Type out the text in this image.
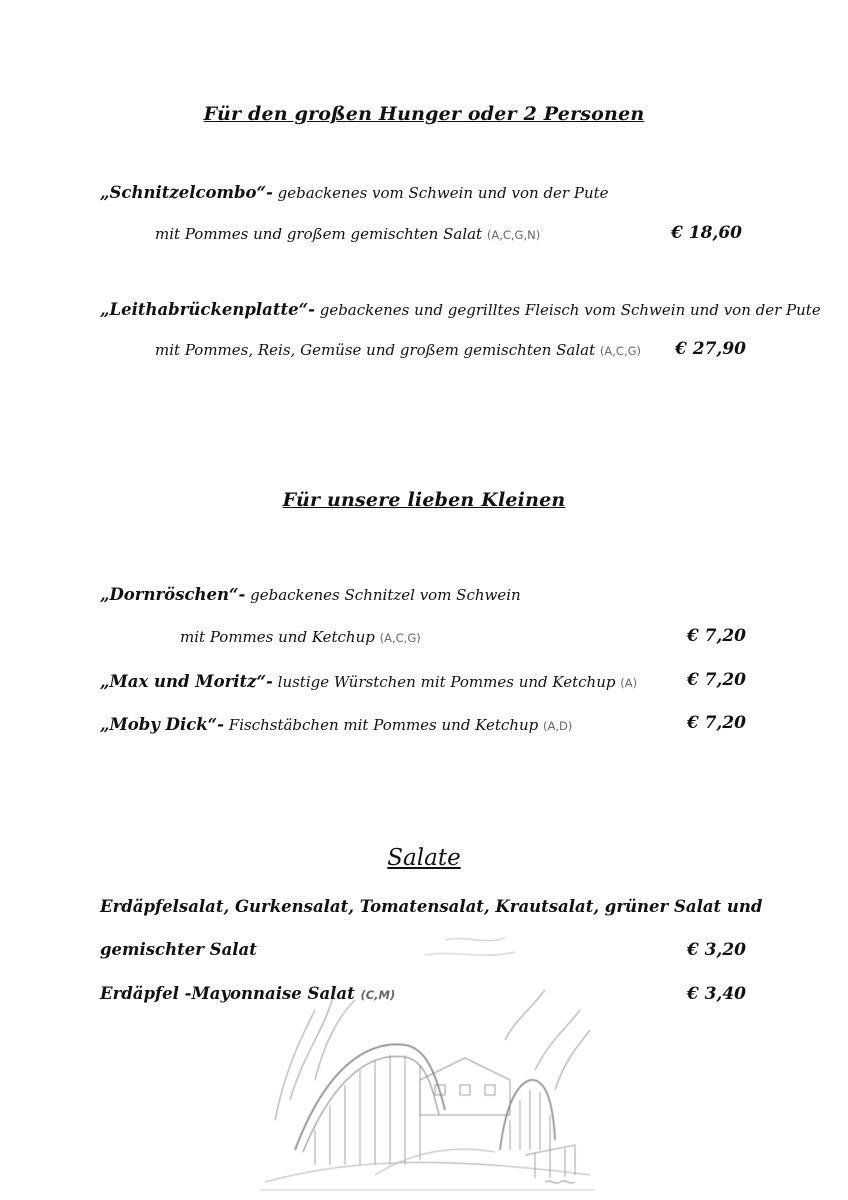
Für den großen Hunger oder 2 Personen
„Schnitzelcombo“- gebackenes vom Schwein und von der Pute
mit Pommes und großem gemischten Salat (A,C,G,N)	€ 18,60
„Leithabrückenplatte“- gebackenes und gegrilltes Fleisch vom Schwein und von der Pute
mit Pommes, Reis, Gemüse und großem gemischten Salat (A,C,G)	€ 27,90
Für unsere lieben Kleinen
„Dornröschen“- gebackenes Schnitzel vom Schwein
mit Pommes und Ketchup (A,C,G)	€ 7,20
„Max und Moritz“- lustige Würstchen mit Pommes und Ketchup (A)	€ 7,20
„Moby Dick“- Fischstäbchen mit Pommes und Ketchup (A,D)	€ 7,20
Salate
Erdäpfelsalat, Gurkensalat, Tomatensalat, Krautsalat, grüner Salat und
gemischter Salat	€ 3,20
Erdäpfel -Mayonnaise Salat (C,M)	€ 3,40
